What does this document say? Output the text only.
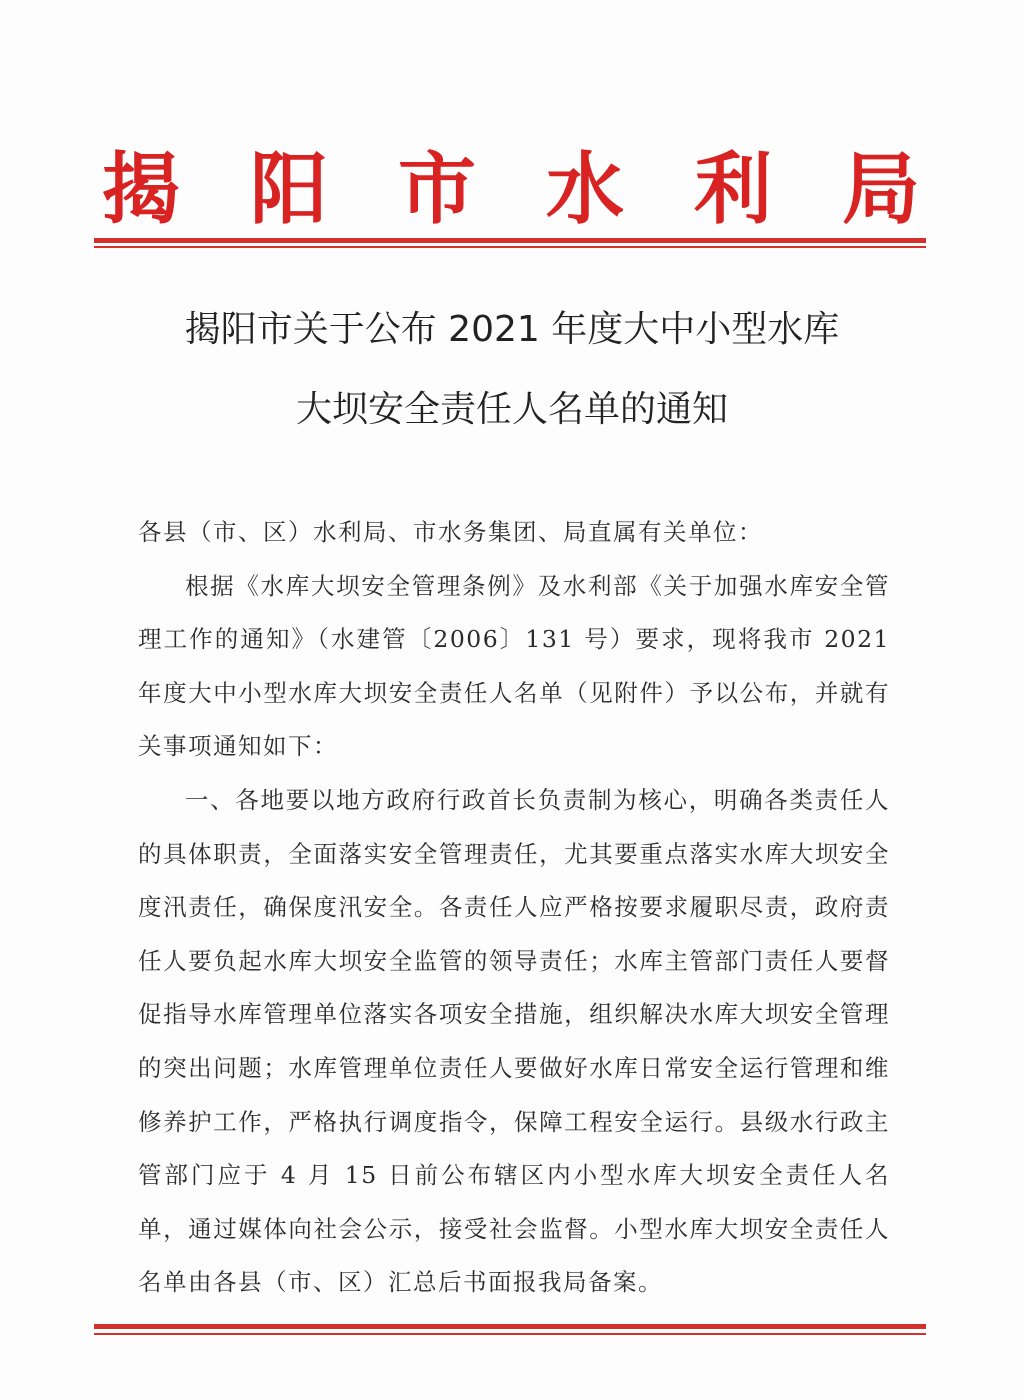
揭 阳 市 水 利 局
揭阳市关于公布 2021 年度大中小型水库
大坝安全责任人名单的通知

各县（市、区）水利局、市水务集团、局直属有关单位：

根据《水库大坝安全管理条例》及水利部《关于加强水库安全管理工作的通知》（水建管〔2006〕131 号）要求，现将我市 2021 年度大中小型水库大坝安全责任人名单（见附件）予以公布，并就有关事项通知如下：

一、各地要以地方政府行政首长负责制为核心，明确各类责任人的具体职责，全面落实安全管理责任，尤其要重点落实水库大坝安全度汛责任，确保度汛安全。各责任人应严格按要求履职尽责，政府责任人要负起水库大坝安全监管的领导责任；水库主管部门责任人要督促指导水库管理单位落实各项安全措施，组织解决水库大坝安全管理的突出问题；水库管理单位责任人要做好水库日常安全运行管理和维修养护工作，严格执行调度指令，保障工程安全运行。县级水行政主管部门应于 4 月 15 日前公布辖区内小型水库大坝安全责任人名单，通过媒体向社会公示，接受社会监督。小型水库大坝安全责任人名单由各县（市、区）汇总后书面报我局备案。
